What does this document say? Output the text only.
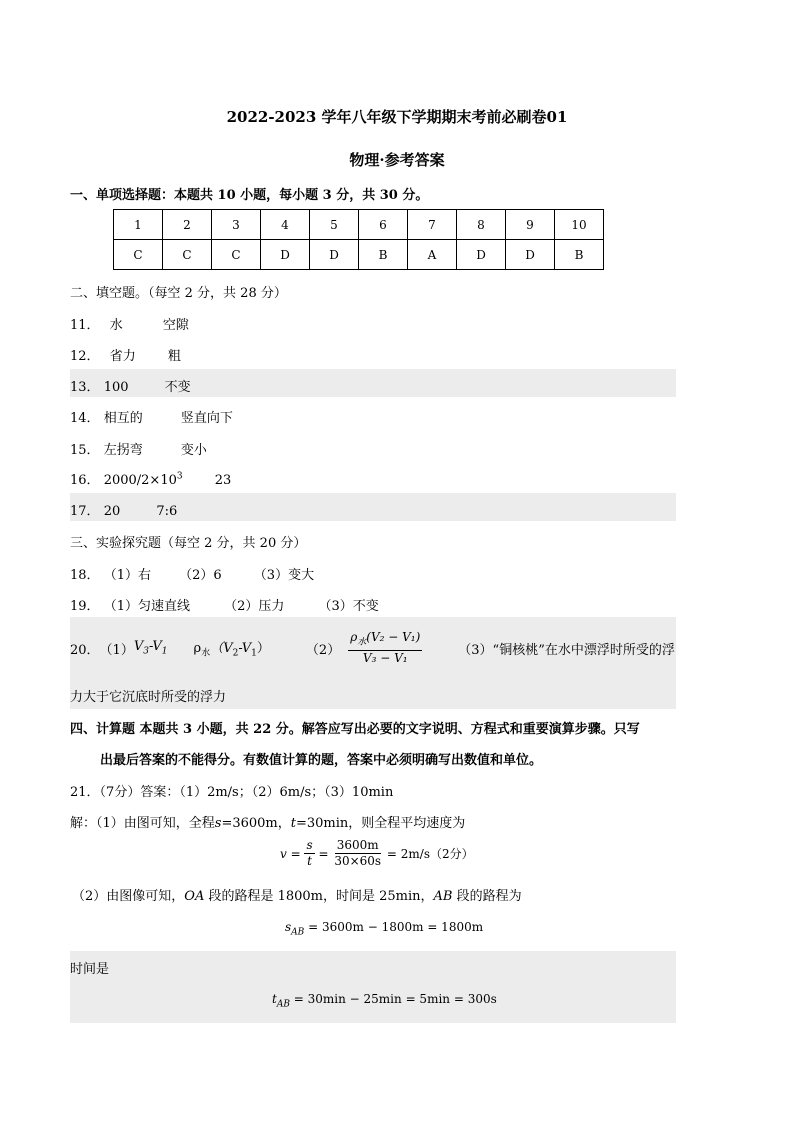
2022-2023 学年八年级下学期期末考前必刷卷01
物理·参考答案
一、单项选择题：本题共 10 小题，每小题 3 分，共 30 分。
1	2	3	4	5	6	7	8	9	10
C	C	C	D	D	B	A	D	D	B
二、填空题。（每空 2 分，共 28 分）
11． 水	空隙
12． 省力 粗
13． 100	不变
14． 相互的	竖直向下
15． 左拐弯	变小
16． $2000/2\times 10^3$ 23
17． 20	7:6
三、实验探究题（每空 2 分，共 20 分）
18． （1）右 （2）6 （3）变大
19． （1）匀速直线	（2）压力	（3）不变
20． （1） $V_3-V_1$ $\rho_水(V_2-V_1)$	$(2) \frac{\rho_水(V_2 - V_1)}{\text{V₃ − V₁}}$	（3）“铜核桃”在水中漂浮时所受的浮
力大于它沉底时所受的浮力
四、计算题 本题共 3 小题，共 22 分。解答应写出必要的文字说明、方程式和重要演算步骤。只写
出最后答案的不能得分。有数值计算的题，答案中必须明确写出数值和单位。
21．（7分）答案：（1）2m/s；（2）6m/s；（3）10min
解：（1）由图可知，全程s=3600m，t=30min，则全程平均速度为
$v = \frac{s}{t} = \frac{3600m}{30\times 60s} = 2m/s(2$分）
（2）由图像可知，OA 段的路程是 1800m，时间是 25min，AB 段的路程为
$s_{AB} = 3600m - 1800m = 1800m$
时间是
$t_{AB} = 30\min - 25\min = 5\min = 300s$
